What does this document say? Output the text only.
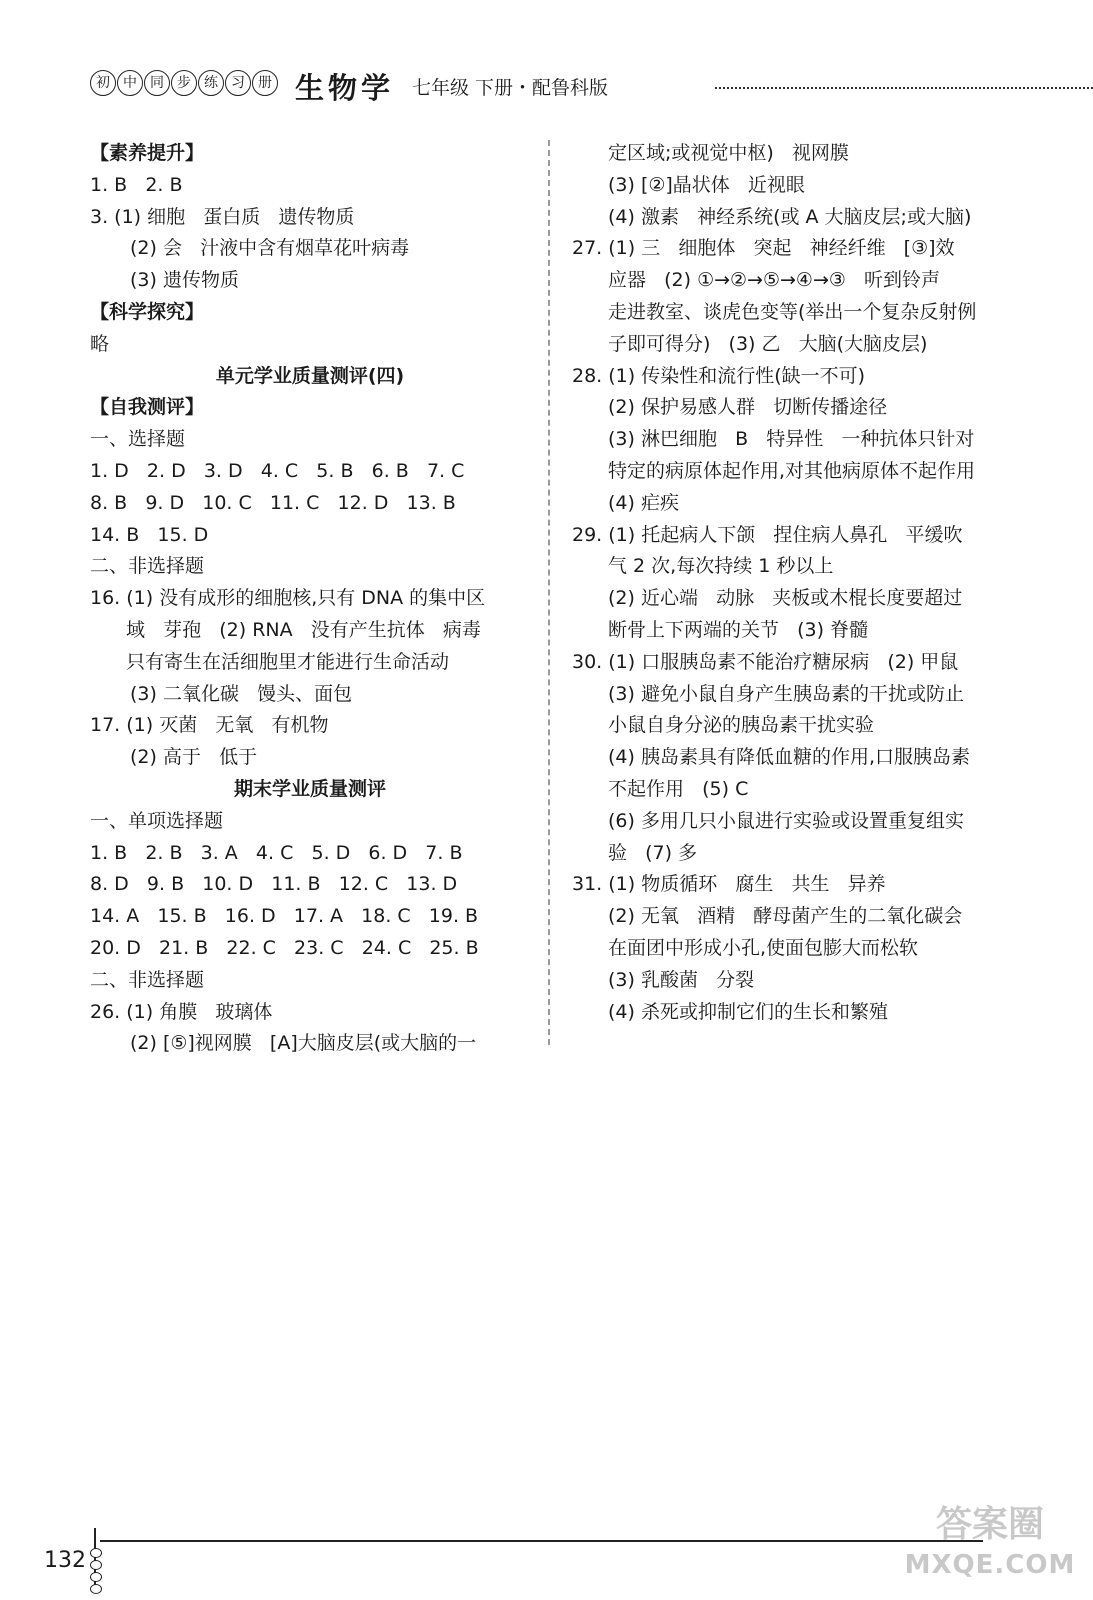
初 中 同 步 练 习 册 生物学 七年级 下册・配鲁科版
【素养提升】
1. B   2. B
3. (1) 细胞   蛋白质   遗传物质
(2) 会   汁液中含有烟草花叶病毒
(3) 遗传物质
【科学探究】
略
单元学业质量测评(四)
【自我测评】
一、选择题
1. D   2. D   3. D   4. C   5. B   6. B   7. C
8. B   9. D   10. C   11. C   12. D   13. B
14. B   15. D
二、非选择题
16. (1) 没有成形的细胞核,只有 DNA 的集中区
域   芽孢   (2) RNA   没有产生抗体   病毒
只有寄生在活细胞里才能进行生命活动
(3) 二氧化碳   馒头、面包
17. (1) 灭菌   无氧   有机物
(2) 高于   低于
期末学业质量测评
一、单项选择题
1. B   2. B   3. A   4. C   5. D   6. D   7. B
8. D   9. B   10. D   11. B   12. C   13. D
14. A   15. B   16. D   17. A   18. C   19. B
20. D   21. B   22. C   23. C   24. C   25. B
二、非选择题
26. (1) 角膜   玻璃体
(2) [⑤]视网膜   [A]大脑皮层(或大脑的一
定区域;或视觉中枢)   视网膜
(3) [②]晶状体   近视眼
(4) 激素   神经系统(或 A 大脑皮层;或大脑)
27. (1) 三   细胞体   突起   神经纤维   [③]效
应器   (2) ①→②→⑤→④→③   听到铃声
走进教室、谈虎色变等(举出一个复杂反射例
子即可得分)   (3) 乙   大脑(大脑皮层)
28. (1) 传染性和流行性(缺一不可)
(2) 保护易感人群   切断传播途径
(3) 淋巴细胞   B   特异性   一种抗体只针对
特定的病原体起作用,对其他病原体不起作用
(4) 疟疾
29. (1) 托起病人下颌   捏住病人鼻孔   平缓吹
气 2 次,每次持续 1 秒以上
(2) 近心端   动脉   夹板或木棍长度要超过
断骨上下两端的关节   (3) 脊髓
30. (1) 口服胰岛素不能治疗糖尿病   (2) 甲鼠
(3) 避免小鼠自身产生胰岛素的干扰或防止
小鼠自身分泌的胰岛素干扰实验
(4) 胰岛素具有降低血糖的作用,口服胰岛素
不起作用   (5) C
(6) 多用几只小鼠进行实验或设置重复组实
验   (7) 多
31. (1) 物质循环   腐生   共生   异养
(2) 无氧   酒精   酵母菌产生的二氧化碳会
在面团中形成小孔,使面包膨大而松软
(3) 乳酸菌   分裂
(4) 杀死或抑制它们的生长和繁殖
132
答案圈
MXQE.COM
